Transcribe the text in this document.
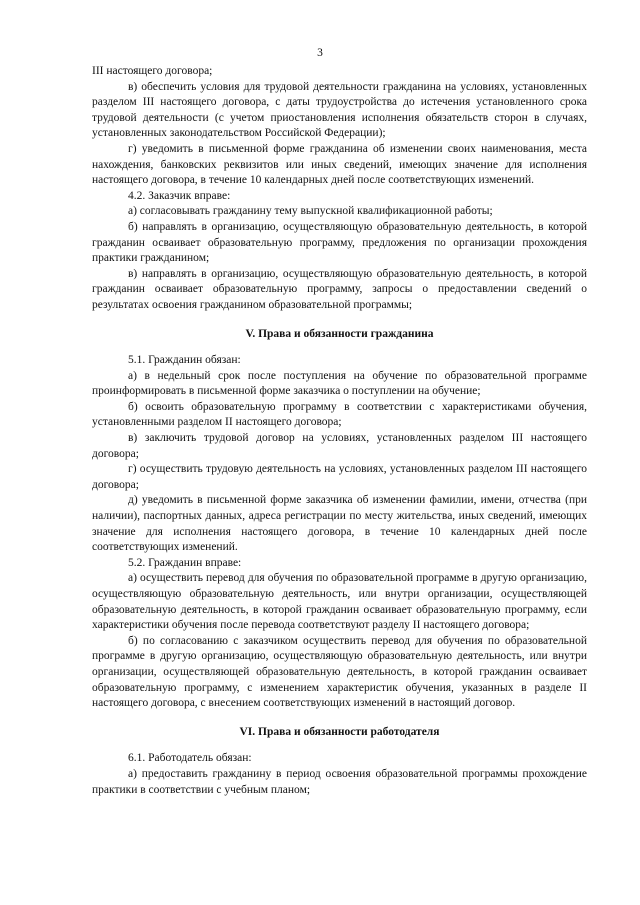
3

III настоящего договора;

в) обеспечить условия для трудовой деятельности гражданина на условиях, установленных разделом III настоящего договора, с даты трудоустройства до истечения установленного срока трудовой деятельности (с учетом приостановления исполнения обязательств сторон в случаях, установленных законодательством Российской Федерации);

г) уведомить в письменной форме гражданина об изменении своих наименования, места нахождения, банковских реквизитов или иных сведений, имеющих значение для исполнения настоящего договора, в течение 10 календарных дней после соответствующих изменений.

4.2. Заказчик вправе:

а) согласовывать гражданину тему выпускной квалификационной работы;

б) направлять в организацию, осуществляющую образовательную деятельность, в которой гражданин осваивает образовательную программу, предложения по организации прохождения практики гражданином;

в) направлять в организацию, осуществляющую образовательную деятельность, в которой гражданин осваивает образовательную программу, запросы о предоставлении сведений о результатах освоения гражданином образовательной программы;

V. Права и обязанности гражданина

5.1. Гражданин обязан:

а) в недельный срок после поступления на обучение по образовательной программе проинформировать в письменной форме заказчика о поступлении на обучение;

б) освоить образовательную программу в соответствии с характеристиками обучения, установленными разделом II настоящего договора;

в) заключить трудовой договор на условиях, установленных разделом III настоящего договора;

г) осуществить трудовую деятельность на условиях, установленных разделом III настоящего договора;

д) уведомить в письменной форме заказчика об изменении фамилии, имени, отчества (при наличии), паспортных данных, адреса регистрации по месту жительства, иных сведений, имеющих значение для исполнения настоящего договора, в течение 10 календарных дней после соответствующих изменений.

5.2. Гражданин вправе:

а) осуществить перевод для обучения по образовательной программе в другую организацию, осуществляющую образовательную деятельность, или внутри организации, осуществляющей образовательную деятельность, в которой гражданин осваивает образовательную программу, если характеристики обучения после перевода соответствуют разделу II настоящего договора;

б) по согласованию с заказчиком осуществить перевод для обучения по образовательной программе в другую организацию, осуществляющую образовательную деятельность, или внутри организации, осуществляющей образовательную деятельность, в которой гражданин осваивает образовательную программу, с изменением характеристик обучения, указанных в разделе II настоящего договора, с внесением соответствующих изменений в настоящий договор.

VI. Права и обязанности работодателя

6.1. Работодатель обязан:

а) предоставить гражданину в период освоения образовательной программы прохождение практики в соответствии с учебным планом;
